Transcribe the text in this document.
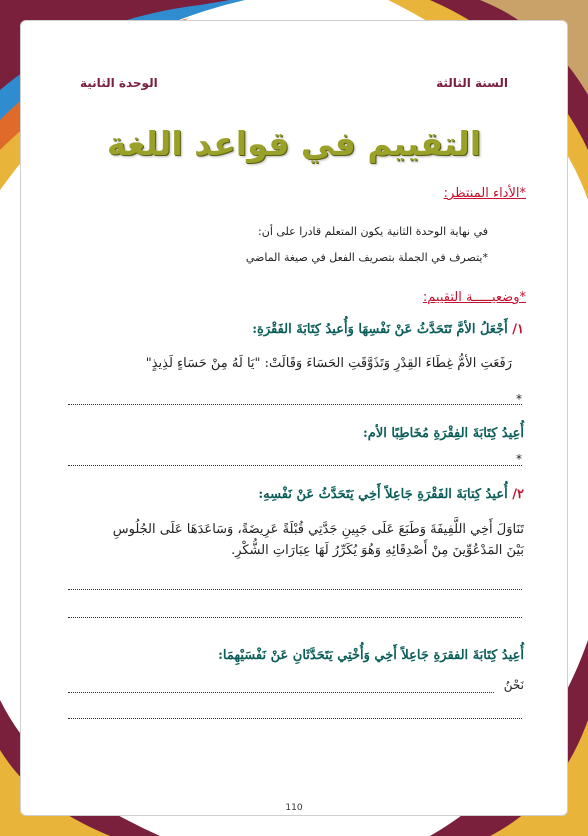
السنة الثالثة
الوحدة الثانية
التقييم في قواعد اللغة
*الأداء المنتظر:
في نهاية الوحدة الثانية يكون المتعلم قادرا على أن:
*يتصرف في الجملة بتصريف الفعل في صيغة الماضي
*وضعيـــــة التقييم:
١/ أَجْعَلُ الأمَّ تَتَحَدَّثُ عَنْ نَفْسِهَا وَأُعيدُ كِتَابَةَ الفَقْرَةِ:
رَفَعَتِ الأمُّ غِطَاءَ القِدْرِ وَتَذَوَّقَتِ الحَسَاءَ وَقَالَتْ: "يَا لَهُ مِنْ حَسَاءٍ لَذِيذٍ"
*
أُعِيدُ كِتَابَةَ الفِقْرَةِ مُخَاطِبًا الأم:
*
٢/ أُعيدُ كِتابَةَ الفَقْرَةِ جَاعِلاً أَخِي يَتَحَدَّثُ عَنْ نَفْسِهِ:
تَنَاوَلَ أَخِي اللَّفِيفَةَ وَطَبَعَ عَلَى جَبِينِ جَدَّتِي قُبْلَةً عَرِيضَةً، وَسَاعَدَهَا عَلَى الجُلُوسِ
بَيْنَ المَدْعُوِّينَ مِنْ أَصْدِقَائِهِ وَهُوَ يُكَرِّرُ لَهَا عِبَارَاتِ الشُّكْرِ.
أُعِيدُ كِتَابَةَ الفقرَةِ جَاعِلاً أَخِي وَأُخْتِي يَتَحَدَّثَانِ عَنْ نَفْسَيْهِمَا:
نَحْنُ
110
